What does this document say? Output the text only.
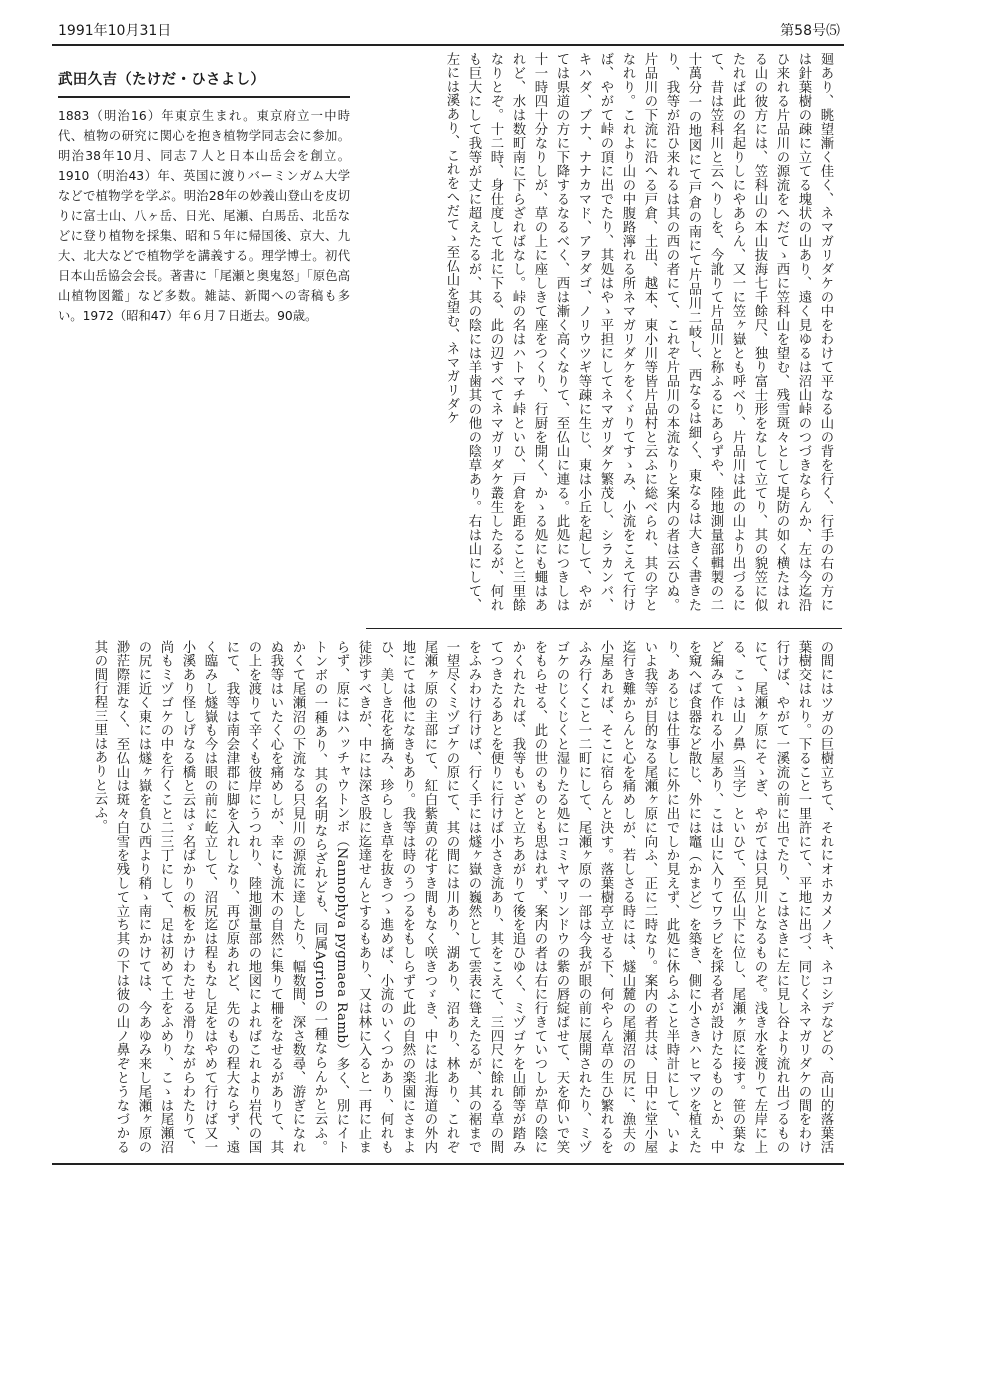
1991年10月31日	第58号⑸
武田久吉（たけだ・ひさよし）
1883（明治16）年東京生まれ。東京府立一中時代、植物の研究に関心を抱き植物学同志会に参加。明治38年10月、同志７人と日本山岳会を創立。1910（明治43）年、英国に渡りバーミンガム大学などで植物学を学ぶ。明治28年の妙義山登山を皮切りに富士山、八ヶ岳、日光、尾瀬、白馬岳、北岳などに登り植物を採集、昭和５年に帰国後、京大、九大、北大などで植物学を講義する。理学博士。初代日本山岳協会会長。著書に「尾瀬と奥鬼怒」「原色高山植物図鑑」など多数。雑誌、新聞への寄稿も多い。1972（昭和47）年６月７日逝去。90歳。	廻あり、眺望漸く佳く、ネマガリダケの中をわけて平なる山の背を行く、行手の右の方には針葉樹の疎に立てる塊状の山あり、遠く見ゆるは沼山峠のつづきならんか、左は今迄沿ひ来れる片品川の源流をへだてゝ西に笠科山を望む、残雪斑々として堤防の如く横たはれる山の彼方には、笠科山の本山抜海七千餘尺、独り富士形をなして立てり、其の貌笠に似たれば此の名起りしにやあらん、又一に笠ヶ嶽とも呼べり、片品川は此の山より出づるにて、昔は笠科川と云へりしを、今訛りて片品川と称ふるにあらずや、陸地測量部輯製の二十萬分一の地図にて戸倉の南にて片品川二岐し、西なるは細く、東なるは大きく書きたり、我等が沿ひ来れるは其の西の者にて、これぞ片品川の本流なりと案内の者は云ひぬ。片品川の下流に沿へる戸倉、土出、越本、東小川等皆片品村と云ふに総べられ、其の字となれり。これより山の中腹路濘れる所ネマガリダケをくゞりてすゝみ、小流をこえて行けば、やがて峠の頂に出でたり、其処はやゝ平担にしてネマガリダケ繁茂し、シラカンバ、キハダ、ブナ、ナナカマド、アヲダゴ、ノリウツギ等疎に生じ、東は小丘を起して、やがては県道の方に下降するなるべく、西は漸く高くなりて、至仏山に連る。此処につきしは十一時四十分なりしが、草の上に座しきて座をつくり、行厨を開く、かゝる処にも蠅はあれど、水は数町南に下らざればなし。峠の名はハトマチ峠といひ、戸倉を距ること三里餘なりとぞ。十二時、身仕度して北に下る、此の辺すべてネマガリダケ叢生したるが、何れも巨大にして我等が丈に超えたるが、其の陰には羊歯其の他の陰草あり。右は山にして、左には溪あり、これをへだてゝ至仏山を望む、ネマガリダケ
の間にはツガの巨樹立ちて、それにオホカメノキ、ネコシデなどの、高山的落葉活葉樹交はれり。下ること一里許にて、平地に出づ、同じくネマガリダケの間をわけ行けば、やがて一溪流の前に出でたり、こはさきに左に見し谷より流れ出づるものにて、尾瀬ヶ原にそゝぎ、やがては只見川となるものぞ。浅き水を渡りて左岸に上る、こゝは山ノ鼻（当字）といひて、至仏山下に位し、尾瀬ヶ原に接す。笹の葉など編みて作れる小屋あり、こは山に入りてワラビを採る者が設けたるものとか、中を窺へば食器など散じ、外には竈（かまど）を築き、側に小さきハヒマツを植えたり、あるじは仕事しに外に出でしか見えず、此処に休らふこと半時計にして、いよいよ我等が目的なる尾瀬ヶ原に向ふ、正に二時なり。案内の者共は、日中に堂小屋迄行き難からんと心を痛めしが、若しさる時には、燧山麓の尾瀬沼の尻に、漁夫の小屋あれば、そこに宿らんと決す。落葉樹亭立せる下、何やらん草の生ひ繁れるをふみ行くこと一二町にして、尾瀬ヶ原の一部は今我が眼の前に展開されたり、ミヅゴケのじくじくと湿りたる処にコミヤマリンドウの紫の唇綻ばせて、天を仰いで笑をもらせる、此の世のものとも思はれず、案内の者は右に行きていつしか草の陰にかくれたれば、我等もいざと立ちあがりて後を追ひゆく、ミヅゴケを山師等が踏みてつきたるあとを便りに行けば小さき流あり、其をこえて、三四尺に餘れる草の間をふみわけ行けば、行く手には燧ヶ嶽の巍然として雲表に聳えたるが、其の裾まで一望尽くミヅゴケの原にて、其の間には川あり、湖あり、沼あり、林あり、これぞ尾瀬ヶ原の主部にて、紅白紫黄の花すき間もなく咲きつゞき、中には北海道の外内地にては他になきもあり。我等は時のうつるをもしらずて此の自然の楽園にさまよひ、美しき花を摘み、珍らしき草を抜きつゝ進めば、小流のいくつかあり、何れも徒渉すべきが、中には深さ股に迄達せんとするもあり、又は林に入ると一再に止まらず、原にはハッチャウトンボ（Nannophya pygmaea Ramb）多く、別にイトトンボの一種あり、其の名明ならざれども、同属Agrionの一種ならんかと云ふ。かくて尾瀬沼の下流なる只見川の源流に達したり、幅数間、深さ数尋、游ぎになれぬ我等はいたく心を痛めしが、幸にも流木の自然に集りて柵をなせるがありて、其の上を渡りて辛くも彼岸にうつれり、陸地測量部の地図によればこれより岩代の国にて、我等は南会津郡に脚を入れしなり、再び原あれど、先のもの程大ならず、遠く臨みし燧嶽も今は眼の前に屹立して、沼尻迄は程もなし足をはやめて行けば又一小溪あり怪しげなる橋と云はゞ名ばかりの板をかけわたせる滑りながらわたりて、尚もミヅゴケの中を行くこと二三丁にして、足は初めて土をふめり、こゝは尾瀬沼の尻に近く東には燧ヶ嶽を負ひ西より稍ゝ南にかけては、今あゆみ来し尾瀬ヶ原の渺茫際涯なく、至仏山は斑々白雪を残して立ち其の下は彼の山ノ鼻ぞとうなづかる其の間行程三里はありと云ふ。
